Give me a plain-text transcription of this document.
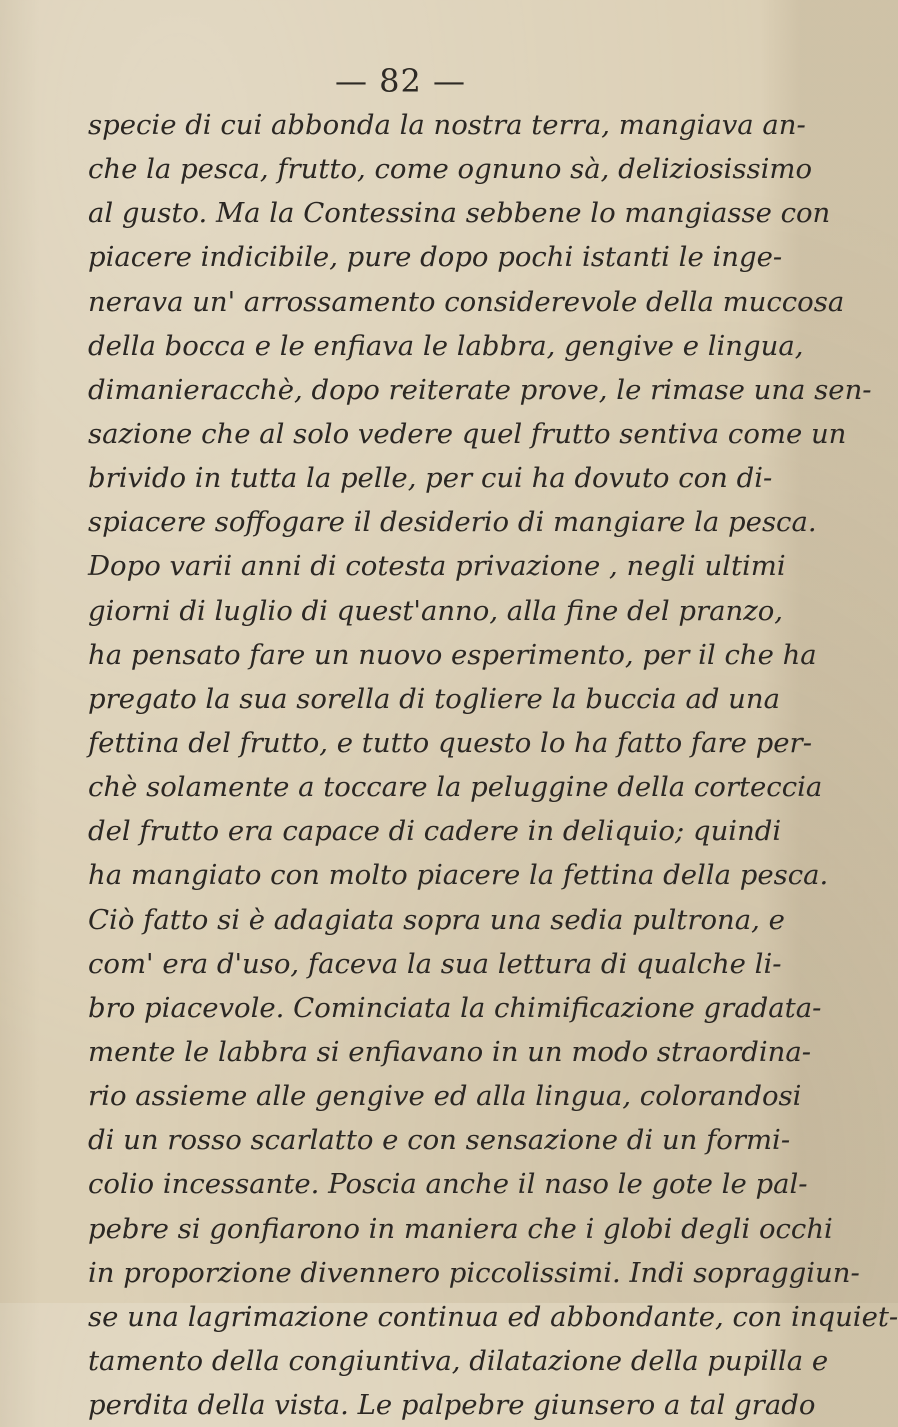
— 82 —
specie di cui abbonda la nostra terra, mangiava an-
che la pesca, frutto, come ognuno sà, deliziosissimo
al gusto. Ma la Contessina sebbene lo mangiasse con
piacere indicibile, pure dopo pochi istanti le inge-
nerava un' arrossamento considerevole della muccosa
della bocca e le enfiava le labbra, gengive e lingua,
dimanieracchè, dopo reiterate prove, le rimase una sen-
sazione che al solo vedere quel frutto sentiva come un
brivido in tutta la pelle, per cui ha dovuto con di-
spiacere soffogare il desiderio di mangiare la pesca.
Dopo varii anni di cotesta privazione , negli ultimi
giorni di luglio di quest'anno, alla fine del pranzo,
ha pensato fare un nuovo esperimento, per il che ha
pregato la sua sorella di togliere la buccia ad una
fettina del frutto, e tutto questo lo ha fatto fare per-
chè solamente a toccare la peluggine della corteccia
del frutto era capace di cadere in deliquio; quindi
ha mangiato con molto piacere la fettina della pesca.
Ciò fatto si è adagiata sopra una sedia pultrona, e
com' era d'uso, faceva la sua lettura di qualche li-
bro piacevole. Cominciata la chimificazione gradata-
mente le labbra si enfiavano in un modo straordina-
rio assieme alle gengive ed alla lingua, colorandosi
di un rosso scarlatto e con sensazione di un formi-
colio incessante. Poscia anche il naso le gote le pal-
pebre si gonfiarono in maniera che i globi degli occhi
in proporzione divennero piccolissimi. Indi sopraggiun-
se una lagrimazione continua ed abbondante, con inquiet-
tamento della congiuntiva, dilatazione della pupilla e
perdita della vista. Le palpebre giunsero a tal grado
